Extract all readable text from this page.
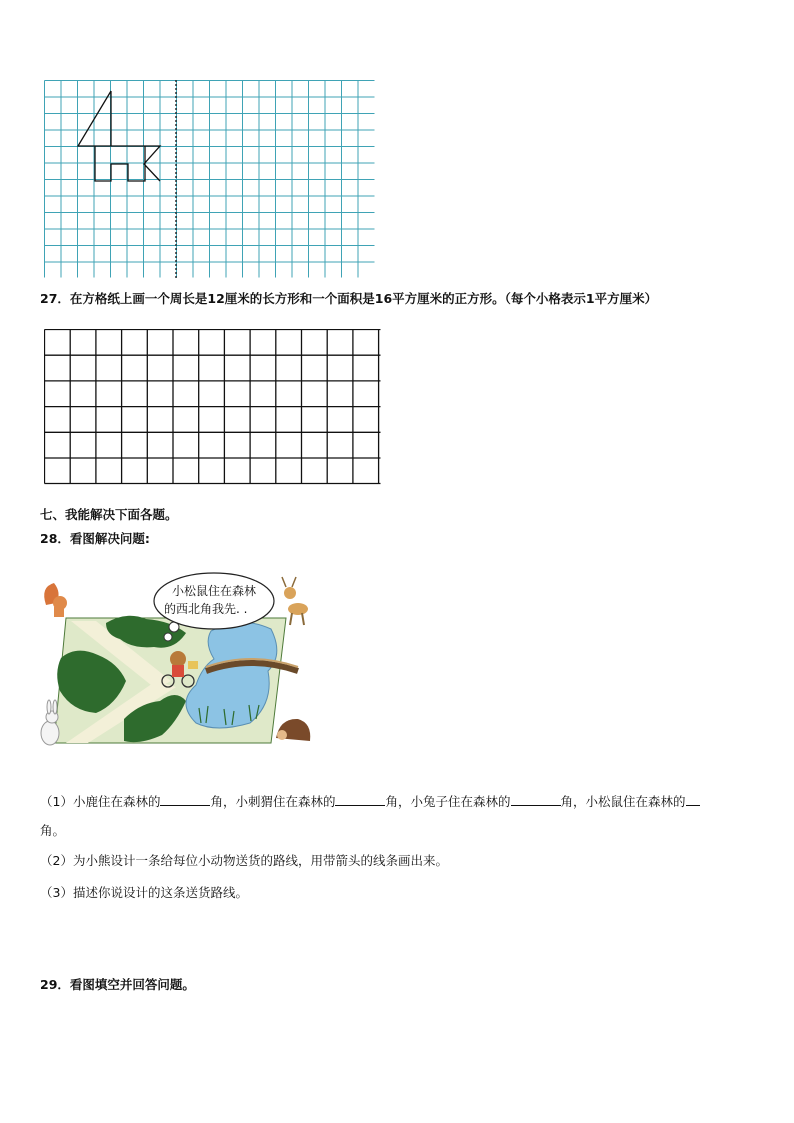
27．在方格纸上画一个周长是12厘米的长方形和一个面积是16平方厘米的正方形。（每个小格表示1平方厘米）
七、我能解决下面各题。
28．看图解决问题:
小松鼠住在森林
的西北角我先. .
（1）小鹿住在森林的	角，小刺猬住在森林的	角，小兔子住在森林的	角，小松鼠住在森林的
角。
（2）为小熊设计一条给每位小动物送货的路线，用带箭头的线条画出来。
（3）描述你说设计的这条送货路线。
29．看图填空并回答问题。
